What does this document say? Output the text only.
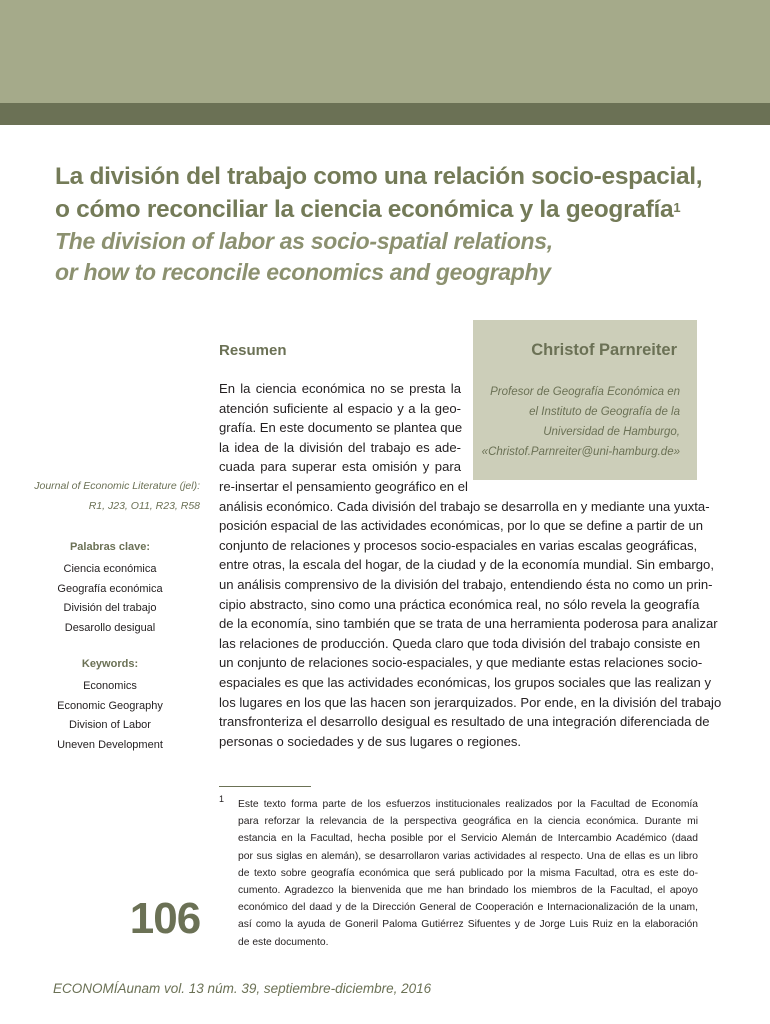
La división del trabajo como una relación socio-espacial,
o cómo reconciliar la ciencia económica y la geografía$^1$
The division of labor as socio-spatial relations,
or how to reconcile economics and geography
Christof Parnreiter
Profesor de Geografía Económica en
el Instituto de Geografía de la
Universidad de Hamburgo,
«Christof.Parnreiter@uni-hamburg.de»
Resumen
En la ciencia económica no se presta la
atención suficiente al espacio y a la geo-
grafía. En este documento se plantea que
la idea de la división del trabajo es ade-
cuada para superar esta omisión y para
re-insertar el pensamiento geográfico en el
análisis económico. Cada división del trabajo se desarrolla en y mediante una yuxta-
posición espacial de las actividades económicas, por lo que se define a partir de un
conjunto de relaciones y procesos socio-espaciales en varias escalas geográficas,
entre otras, la escala del hogar, de la ciudad y de la economía mundial. Sin embargo,
un análisis comprensivo de la división del trabajo, entendiendo ésta no como un prin-
cipio abstracto, sino como una práctica económica real, no sólo revela la geografía
de la economía, sino también que se trata de una herramienta poderosa para analizar
las relaciones de producción. Queda claro que toda división del trabajo consiste en
un conjunto de relaciones socio-espaciales, y que mediante estas relaciones socio-
espaciales es que las actividades económicas, los grupos sociales que las realizan y
los lugares en los que las hacen son jerarquizados. Por ende, en la división del trabajo
transfronteriza el desarrollo desigual es resultado de una integración diferenciada de
personas o sociedades y de sus lugares o regiones.
Journal of Economic Literature (jel):
R1, J23, O11, R23, R58
Palabras clave:
Ciencia económica
Geografía económica
División del trabajo
Desarollo desigual
Keywords:
Economics
Economic Geography
Division of Labor
Uneven Development
1 Este texto forma parte de los esfuerzos institucionales realizados por la Facultad de Economía
para reforzar la relevancia de la perspectiva geográfica en la ciencia económica. Durante mi
estancia en la Facultad, hecha posible por el Servicio Alemán de Intercambio Académico (daad
por sus siglas en alemán), se desarrollaron varias actividades al respecto. Una de ellas es un libro
de texto sobre geografía económica que será publicado por la misma Facultad, otra es este do-
cumento. Agradezco la bienvenida que me han brindado los miembros de la Facultad, el apoyo
económico del daad y de la Dirección General de Cooperación e Internacionalización de la unam,
así como la ayuda de Goneril Paloma Gutiérrez Sifuentes y de Jorge Luis Ruiz en la elaboración
de este documento.
106
ECONOMÍAunam vol. 13 núm. 39, septiembre-diciembre, 2016
